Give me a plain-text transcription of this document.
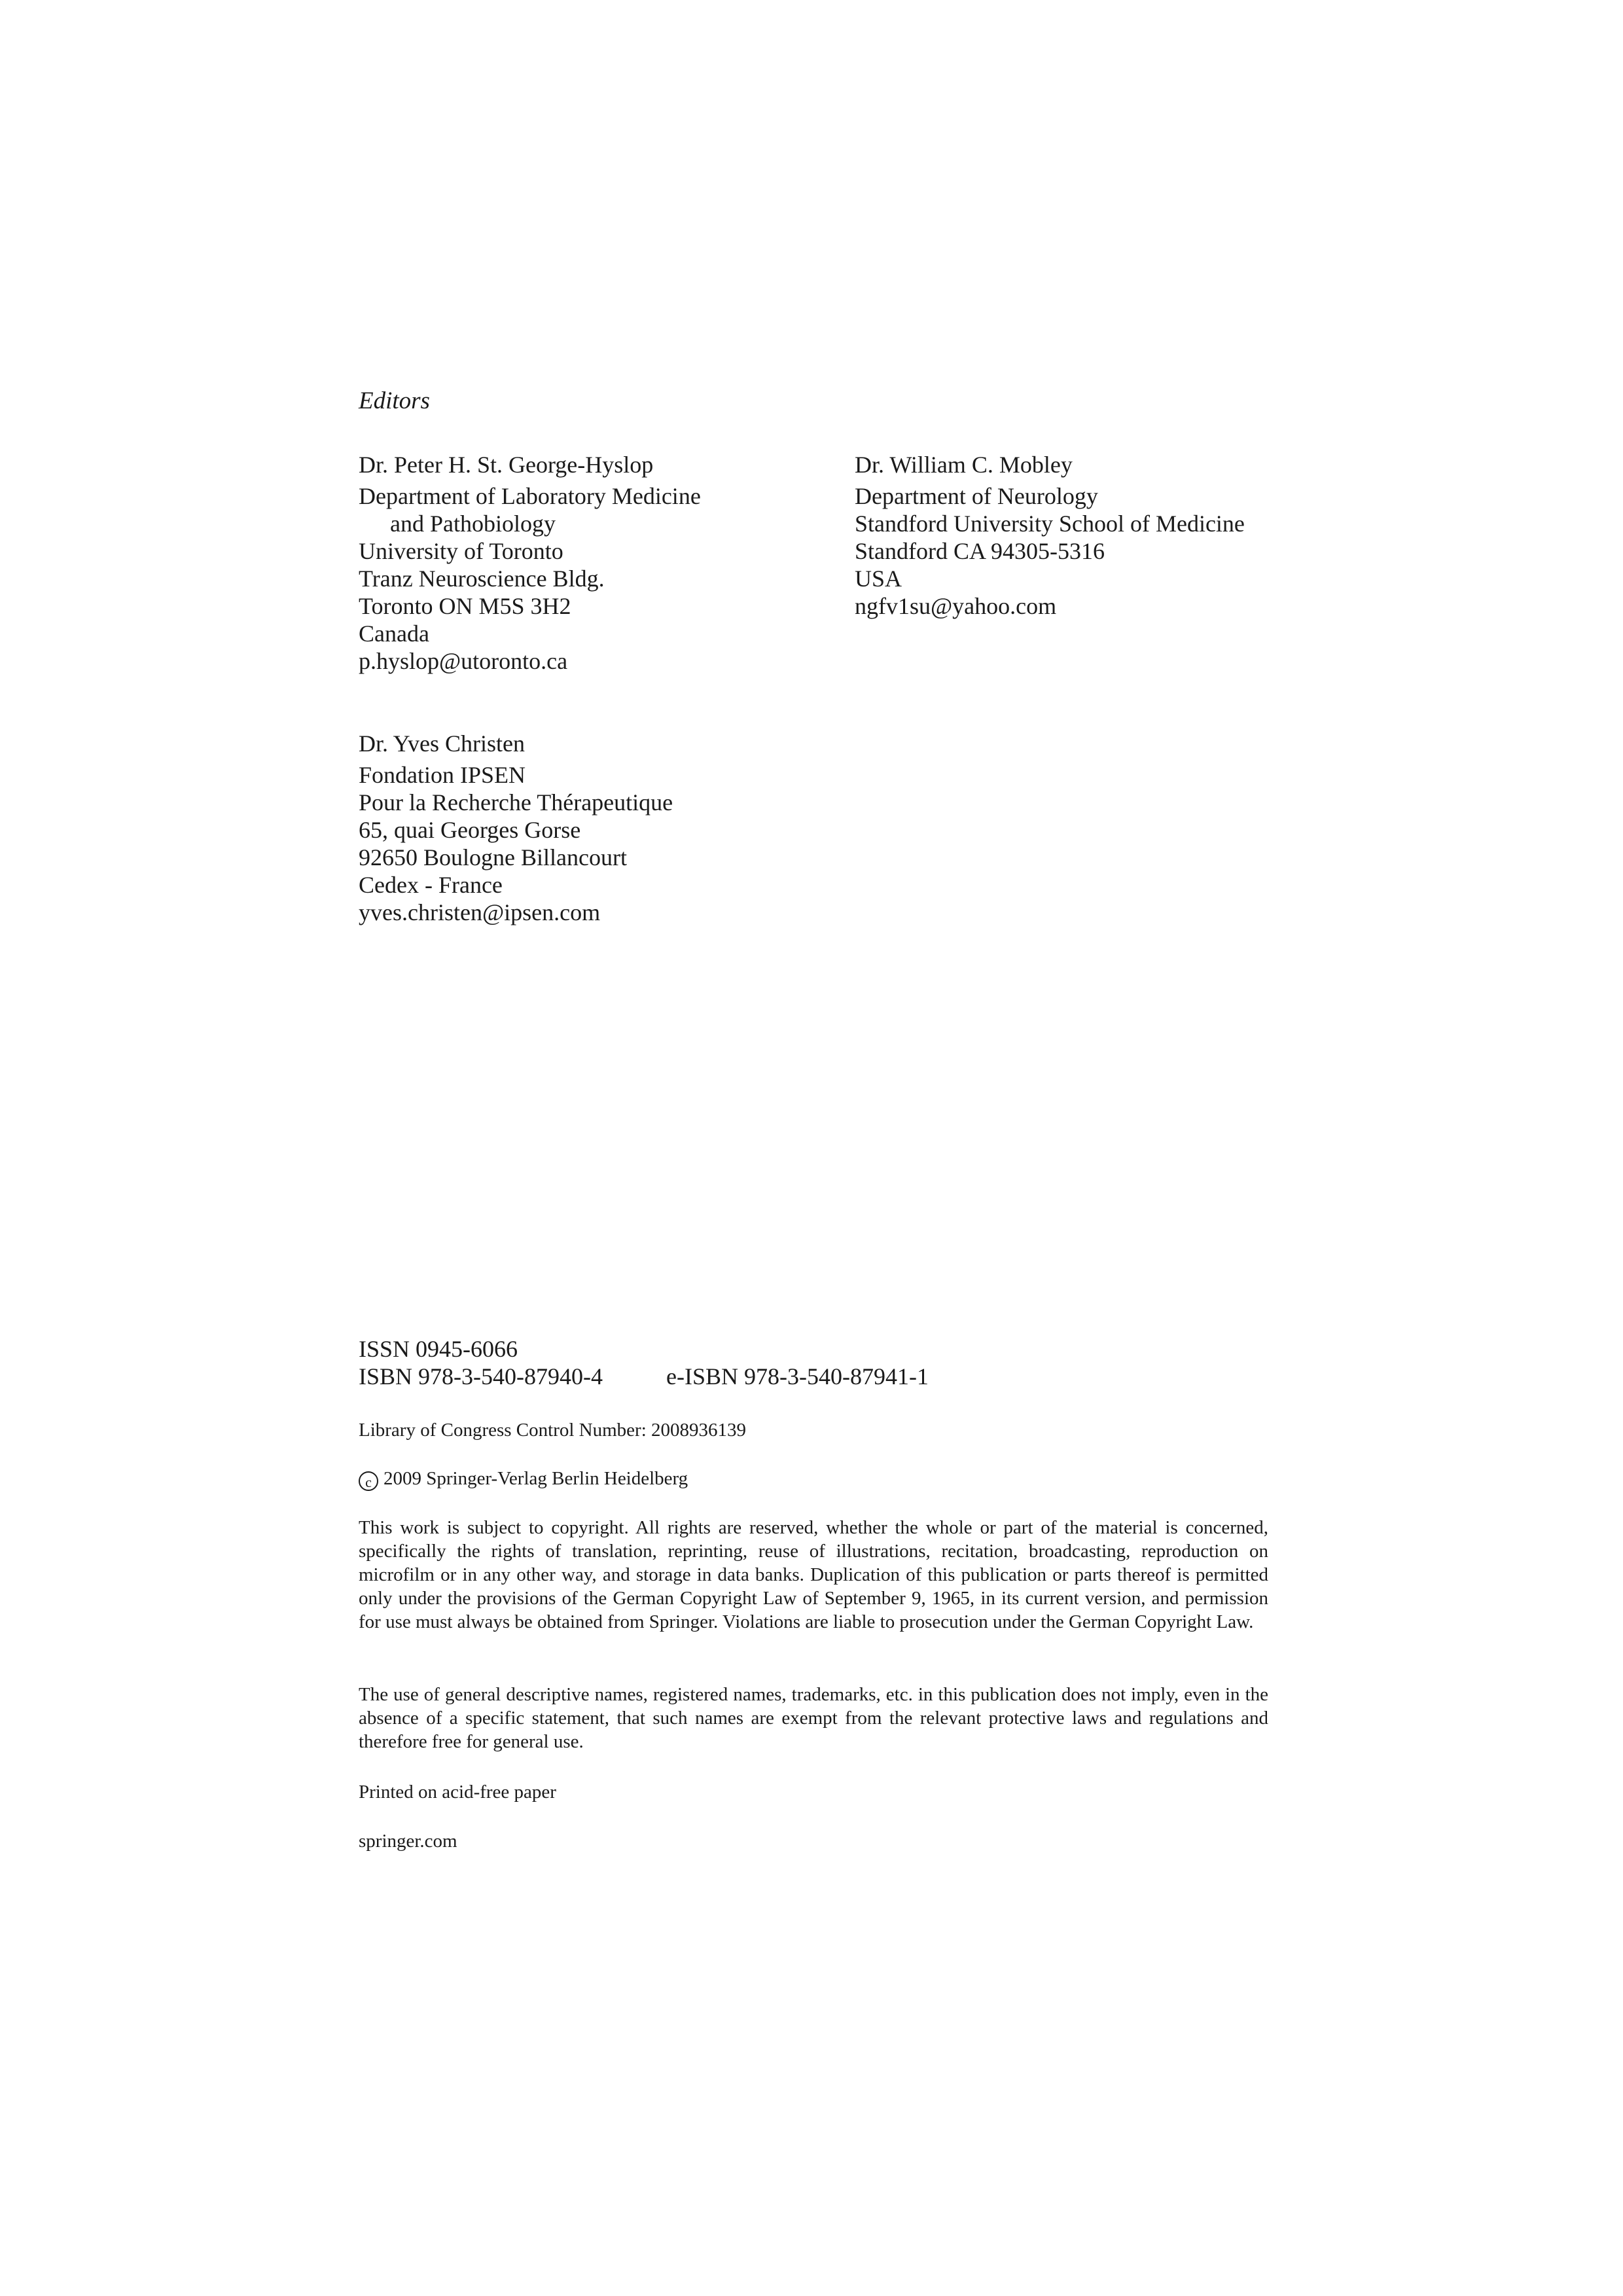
Editors
Dr. Peter H. St. George-Hyslop
Department of Laboratory Medicine
and Pathobiology
University of Toronto
Tranz Neuroscience Bldg.
Toronto ON M5S 3H2
Canada
p.hyslop@utoronto.ca
Dr. William C. Mobley
Department of Neurology
Standford University School of Medicine
Standford CA 94305-5316
USA
ngfv1su@yahoo.com
Dr. Yves Christen
Fondation IPSEN
Pour la Recherche Thérapeutique
65, quai Georges Gorse
92650 Boulogne Billancourt
Cedex - France
yves.christen@ipsen.com
ISSN 0945-6066
ISBN 978-3-540-87940-4	e-ISBN 978-3-540-87941-1
Library of Congress Control Number: 2008936139
c 2009 Springer-Verlag Berlin Heidelberg
This work is subject to copyright. All rights are reserved, whether the whole or part of the material is concerned, specifically the rights of translation, reprinting, reuse of illustrations, recitation, broadcasting, reproduction on microfilm or in any other way, and storage in data banks. Duplication of this publication or parts thereof is permitted only under the provisions of the German Copyright Law of September 9, 1965, in its current version, and permission for use must always be obtained from Springer. Violations are liable to prosecution under the German Copyright Law.
The use of general descriptive names, registered names, trademarks, etc. in this publication does not imply, even in the absence of a specific statement, that such names are exempt from the relevant protective laws and regulations and therefore free for general use.
Printed on acid-free paper
springer.com
